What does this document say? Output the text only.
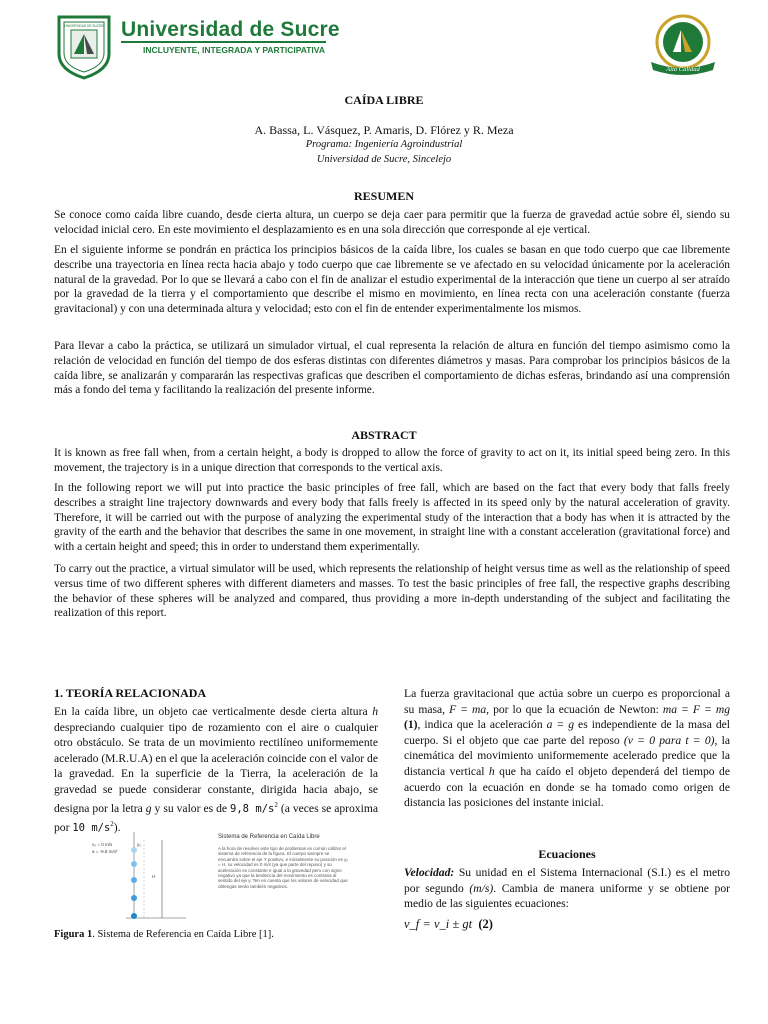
UNIVERSIDAD DE SUCRE Universidad de Sucre
INCLUYENTE, INTEGRADA Y PARTICIPATIVA
Alta Calidad
CAÍDA LIBRE
A. Bassa, L. Vásquez, P. Amaris, D. Flórez y R. Meza
Programa: Ingeniería Agroindustrial
Universidad de Sucre, Sincelejo
RESUMEN

Se conoce como caída libre cuando, desde cierta altura, un cuerpo se deja caer para permitir que la fuerza de gravedad actúe sobre él, siendo su velocidad inicial cero. En este movimiento el desplazamiento es en una sola dirección que corresponde al eje vertical.

En el siguiente informe se pondrán en práctica los principios básicos de la caída libre, los cuales se basan en que todo cuerpo que cae libremente describe una trayectoria en línea recta hacia abajo y todo cuerpo que cae libremente se ve afectado en su velocidad únicamente por la aceleración natural de la gravedad. Por lo que se llevará a cabo con el fin de analizar el estudio experimental de la interacción que tiene un cuerpo al ser atraído por la gravedad de la tierra y el comportamiento que describe el mismo en movimiento, en línea recta con una aceleración constante (fuerza gravitacional) y con una determinada altura y velocidad; esto con el fin de entender experimentalmente los mismos.

Para llevar a cabo la práctica, se utilizará un simulador virtual, el cual representa la relación de altura en función del tiempo asimismo como la relación de velocidad en función del tiempo de dos esferas distintas con diferentes diámetros y masas. Para comprobar los principios básicos de la caída libre, se analizarán y compararán las respectivas graficas que describen el comportamiento de dichas esferas, brindando así una comprensión más a fondo del tema y facilitando la realización del presente informe.

ABSTRACT

It is known as free fall when, from a certain height, a body is dropped to allow the force of gravity to act on it, its initial speed being zero. In this movement, the trajectory is in a unique direction that corresponds to the vertical axis.

In the following report we will put into practice the basic principles of free fall, which are based on the fact that every body that falls freely describes a straight line trajectory downwards and every body that falls freely is affected in its speed only by the natural acceleration of gravity. Therefore, it will be carried out with the purpose of analyzing the experimental study of the interaction that a body has when it is attracted by the gravity of the earth and the behavior that describes the same in one movement, in straight line with a constant acceleration (gravitational force) and with a certain height and speed; this in order to understand them experimentally.

To carry out the practice, a virtual simulator will be used, which represents the relationship of height versus time as well as the relationship of speed versus time of two different spheres with different diameters and masses. To test the basic principles of free fall, the respective graphs describing the behavior of these spheres will be analyzed and compared, thus providing a more in-depth understanding of the subject and facilitating the realization of this report.

1. TEORÍA RELACIONADA

En la caída libre, un objeto cae verticalmente desde cierta altura h despreciando cualquier tipo de rozamiento con el aire o cualquier otro obstáculo. Se trata de un movimiento rectilíneo uniformemente acelerado (M.R.U.A) en el que la aceleración coincide con el valor de la gravedad. En la superficie de la Tierra, la aceleración de la gravedad se puede considerar constante, dirigida hacia abajo, se designa por la letra g y su valor es de 9,8 $m/s^2$ (a veces se aproxima por 10 $m/s^2$).

v₀ = 0 m/s
a = -9.8 m/s²
y₀
H
Sistema de Referencia en Caída Libre
A la hora de resolver este tipo de problemas es común utilizar el sistema de referencia de la figura. El cuerpo siempre se encuentra sobre el eje Y positivo, e inicialmente su posición es y₀ = H, su velocidad es 0 m/s (ya que parte del reposo) y su aceleración es constante e igual a la gravedad pero con signo negativo ya que la tendencia del movimiento es contraria al sentido del eje y. Ten en cuenta que los valores de velocidad que obtengas serán también negativos.
Figura 1. Sistema de Referencia en Caída Libre [1].

La fuerza gravitacional que actúa sobre un cuerpo es proporcional a su masa, F = ma, por lo que la ecuación de Newton: ma = F = mg (1), indica que la aceleración a = g es independiente de la masa del cuerpo. Si el objeto que cae parte del reposo (v = 0 para t = 0), la cinemática del movimiento uniformemente acelerado predice que la distancia vertical h que ha caído el objeto dependerá del tiempo de acuerdo con la ecuación en donde se ha tomado como origen de distancia las posiciones del instante inicial.

Ecuaciones

Velocidad: Su unidad en el Sistema Internacional (S.I.) es el metro por segundo (m/s). Cambia de manera uniforme y se obtiene por medio de las siguientes ecuaciones:

v_f = v_i ± gt (2)
